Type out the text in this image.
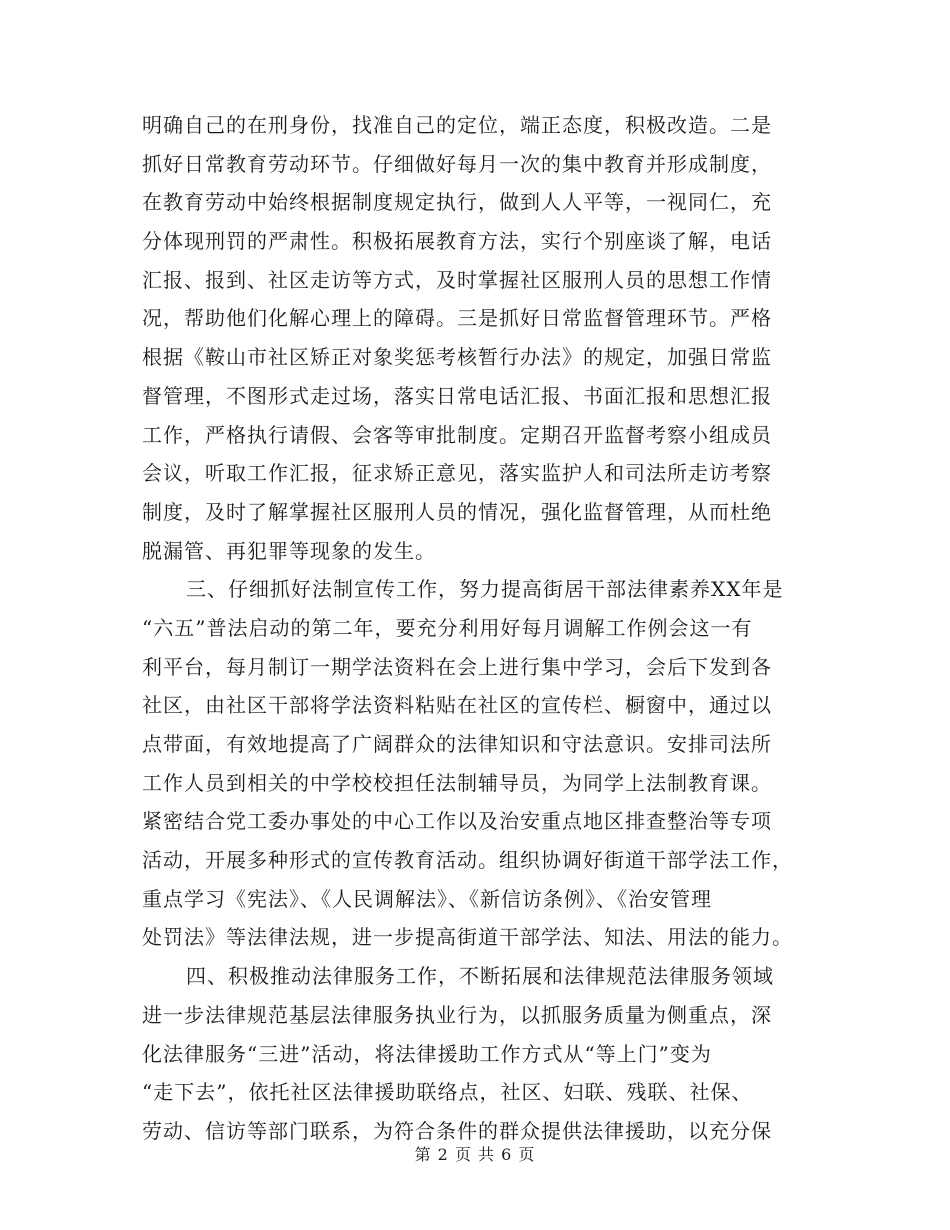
明确自己的在刑身份，找准自己的定位，端正态度，积极改造。二是
抓好日常教育劳动环节。仔细做好每月一次的集中教育并形成制度，
在教育劳动中始终根据制度规定执行，做到人人平等，一视同仁，充
分体现刑罚的严肃性。积极拓展教育方法，实行个别座谈了解，电话
汇报、报到、社区走访等方式，及时掌握社区服刑人员的思想工作情
况，帮助他们化解心理上的障碍。三是抓好日常监督管理环节。严格
根据《鞍山市社区矫正对象奖惩考核暂行办法》的规定，加强日常监
督管理，不图形式走过场，落实日常电话汇报、书面汇报和思想汇报
工作，严格执行请假、会客等审批制度。定期召开监督考察小组成员
会议，听取工作汇报，征求矫正意见，落实监护人和司法所走访考察
制度，及时了解掌握社区服刑人员的情况，强化监督管理，从而杜绝
脱漏管、再犯罪等现象的发生。
三、仔细抓好法制宣传工作，努力提高街居干部法律素养XX年是
“六五”普法启动的第二年，要充分利用好每月调解工作例会这一有
利平台，每月制订一期学法资料在会上进行集中学习，会后下发到各
社区，由社区干部将学法资料粘贴在社区的宣传栏、橱窗中，通过以
点带面，有效地提高了广阔群众的法律知识和守法意识。安排司法所
工作人员到相关的中学校校担任法制辅导员，为同学上法制教育课。
紧密结合党工委办事处的中心工作以及治安重点地区排查整治等专项
活动，开展多种形式的宣传教育活动。组织协调好街道干部学法工作，
重点学习《宪法》、《人民调解法》、《新信访条例》、《治安管理
处罚法》等法律法规，进一步提高街道干部学法、知法、用法的能力。
四、积极推动法律服务工作，不断拓展和法律规范法律服务领域
进一步法律规范基层法律服务执业行为，以抓服务质量为侧重点，深
化法律服务“三进”活动，将法律援助工作方式从“等上门”变为
“走下去”，依托社区法律援助联络点，社区、妇联、残联、社保、
劳动、信访等部门联系，为符合条件的群众提供法律援助，以充分保
第 2 页 共 6 页
